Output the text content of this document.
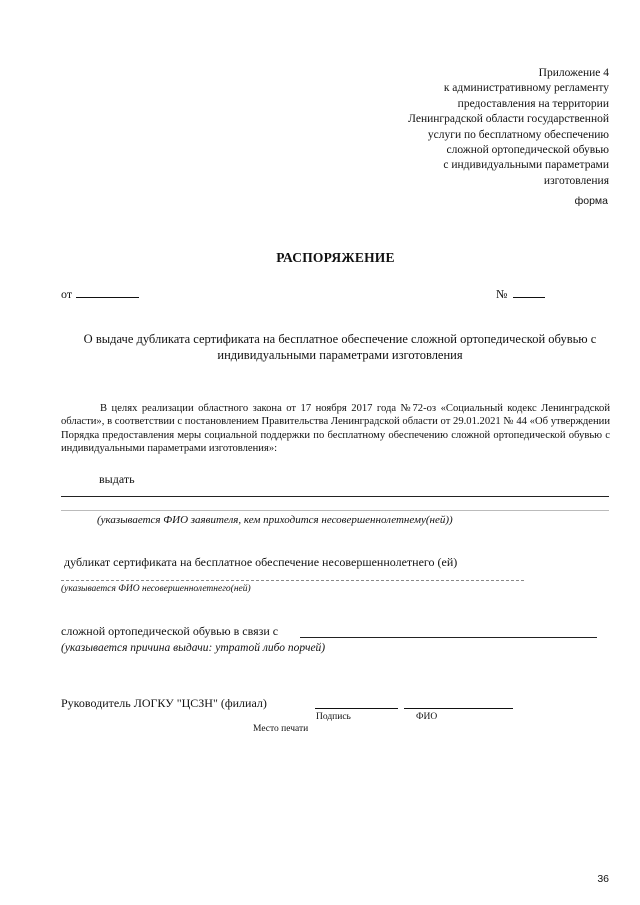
Приложение 4
к административному регламенту
предоставления на территории
Ленинградской области государственной
услуги по бесплатному обеспечению
сложной ортопедической обувью
с индивидуальными параметрами
изготовления
форма
РАСПОРЯЖЕНИЕ
от	№
О выдаче дубликата сертификата на бесплатное обеспечение сложной ортопедической обувью с
индивидуальными параметрами изготовления
В целях реализации областного закона от 17 ноября 2017 года №72-оз «Социальный кодекс Ленинградской области», в соответствии с постановлением Правительства Ленинградской области от 29.01.2021 № 44 «Об утверждении Порядка предоставления меры социальной поддержки по бесплатному обеспечению сложной ортопедической обувью с индивидуальными параметрами изготовления»:
выдать
(указывается ФИО заявителя, кем приходится несовершеннолетнему(ней))
дубликат сертификата на бесплатное обеспечение несовершеннолетнего (ей)
(указывается ФИО несовершеннолетнего(ней)
сложной ортопедической обувью в связи с
(указывается причина выдачи: утратой либо порчей)
Руководитель ЛОГКУ "ЦСЗН" (филиал)
Подпись	ФИО
Место печати
36
